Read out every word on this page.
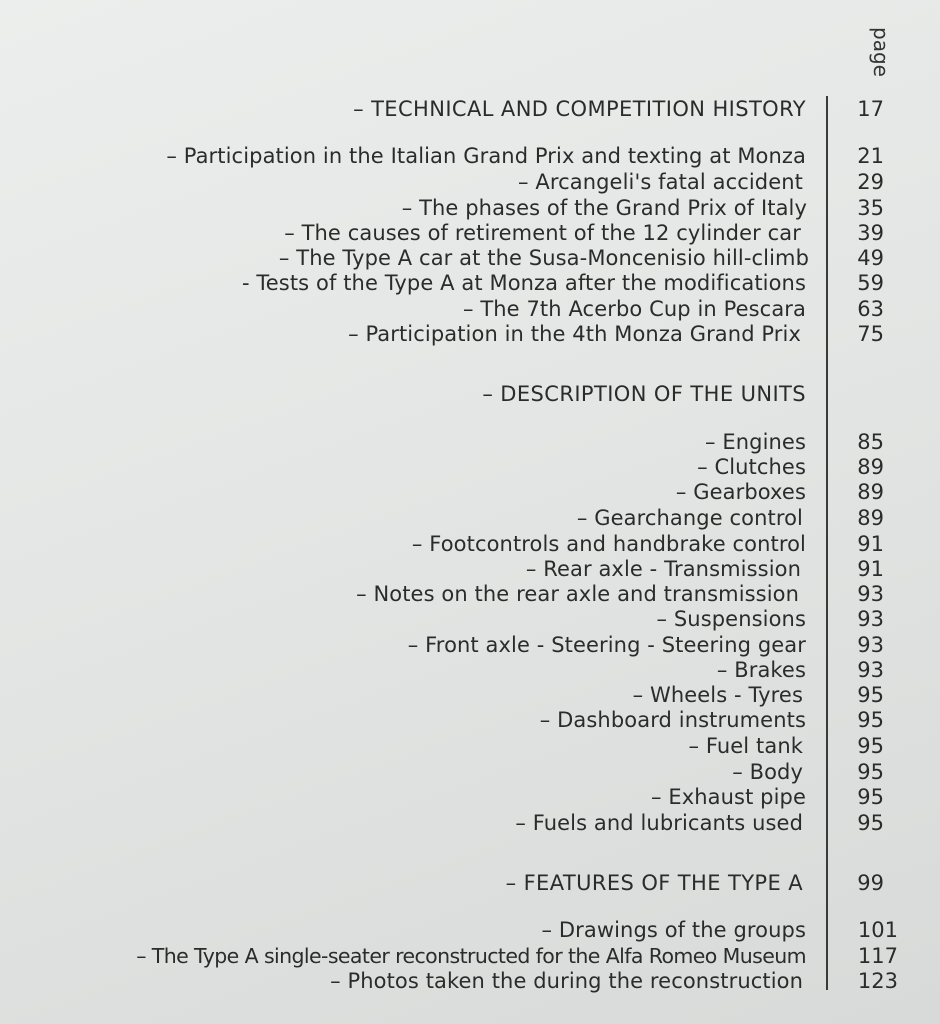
page
– TECHNICAL AND COMPETITION HISTORY	17
– Participation in the Italian Grand Prix and texting at Monza	21
– Arcangeli's fatal accident	29
– The phases of the Grand Prix of Italy	35
– The causes of retirement of the 12 cylinder car	39
– The Type A car at the Susa-Moncenisio hill-climb	49
- Tests of the Type A at Monza after the modifications	59
– The 7th Acerbo Cup in Pescara	63
– Participation in the 4th Monza Grand Prix	75
– DESCRIPTION OF THE UNITS
– Engines	85
– Clutches	89
– Gearboxes	89
– Gearchange control	89
– Footcontrols and handbrake control	91
– Rear axle - Transmission	91
– Notes on the rear axle and transmission	93
– Suspensions	93
– Front axle - Steering - Steering gear	93
– Brakes	93
– Wheels - Tyres	95
– Dashboard instruments	95
– Fuel tank	95
– Body	95
– Exhaust pipe	95
– Fuels and lubricants used	95
– FEATURES OF THE TYPE A	99
– Drawings of the groups	101
– The Type A single-seater reconstructed for the Alfa Romeo Museum	117
– Photos taken the during the reconstruction	123
